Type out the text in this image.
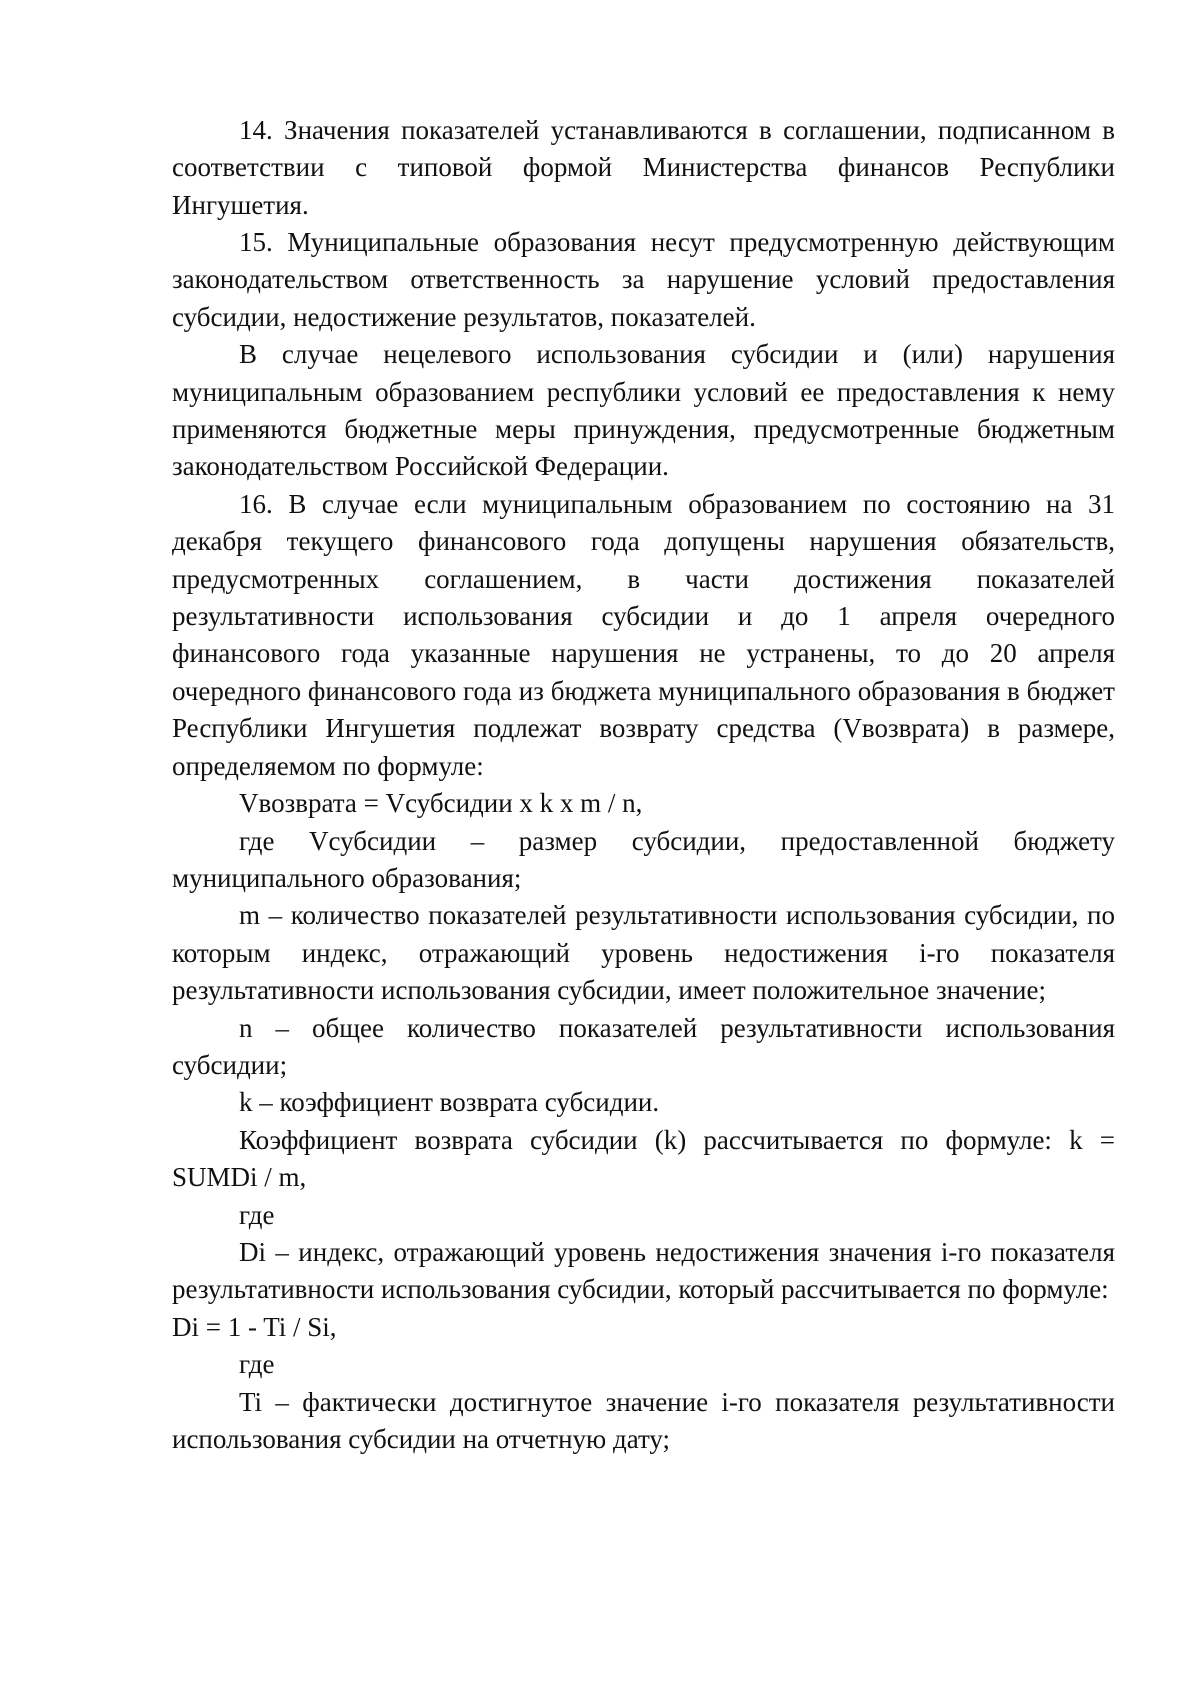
14. Значения показателей устанавливаются в соглашении, подписанном в соответствии с типовой формой Министерства финансов Республики Ингушетия.

15. Муниципальные образования несут предусмотренную действующим законодательством ответственность за нарушение условий предоставления субсидии, недостижение результатов, показателей.

В случае нецелевого использования субсидии и (или) нарушения муниципальным образованием республики условий ее предоставления к нему применяются бюджетные меры принуждения, предусмотренные бюджетным законодательством Российской Федерации.

16. В случае если муниципальным образованием по состоянию на 31 декабря текущего финансового года допущены нарушения обязательств, предусмотренных соглашением, в части достижения показателей результативности использования субсидии и до 1 апреля очередного финансового года указанные нарушения не устранены, то до 20 апреля очередного финансового года из бюджета муниципального образования в бюджет Республики Ингушетия подлежат возврату средства (Vвозврата) в размере, определяемом по формуле:

Vвозврата = Vсубсидии x k x m / n,

где Vсубсидии – размер субсидии, предоставленной бюджету муниципального образования;

m – количество показателей результативности использования субсидии, по которым индекс, отражающий уровень недостижения i-го показателя результативности использования субсидии, имеет положительное значение;

n – общее количество показателей результативности использования субсидии;

k – коэффициент возврата субсидии.

Коэффициент возврата субсидии (k) рассчитывается по формуле: k = SUMDi / m,

где

Di – индекс, отражающий уровень недостижения значения i-го показателя результативности использования субсидии, который рассчитывается по формуле:

Di = 1 - Ti / Si,

где

Ti – фактически достигнутое значение i-го показателя результативности использования субсидии на отчетную дату;
